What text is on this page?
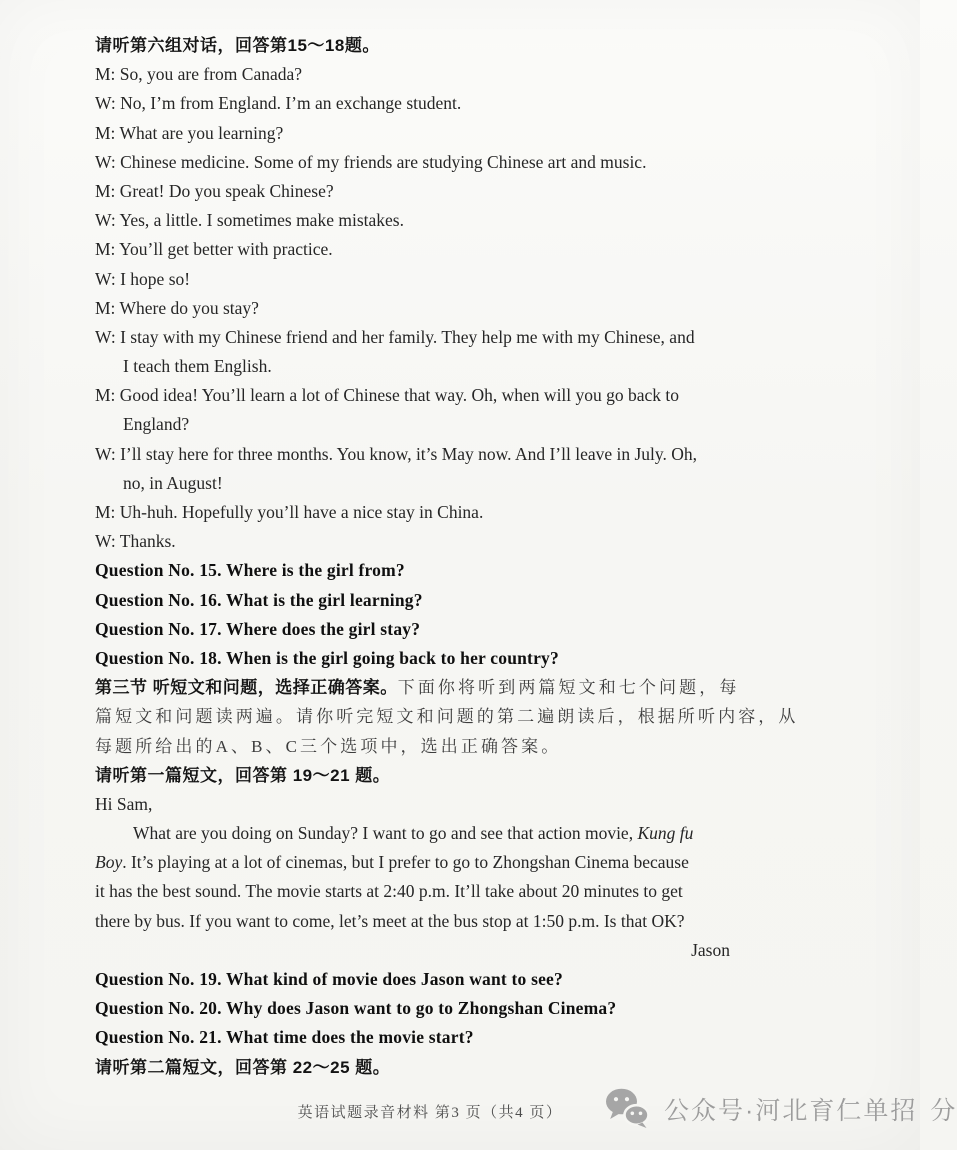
请听第六组对话，回答第15～18题。
M: So, you are from Canada?
W: No, I’m from England. I’m an exchange student.
M: What are you learning?
W: Chinese medicine. Some of my friends are studying Chinese art and music.
M: Great! Do you speak Chinese?
W: Yes, a little. I sometimes make mistakes.
M: You’ll get better with practice.
W: I hope so!
M: Where do you stay?
W: I stay with my Chinese friend and her family. They help me with my Chinese, and
I teach them English.
M: Good idea! You’ll learn a lot of Chinese that way. Oh, when will you go back to
England?
W: I’ll stay here for three months. You know, it’s May now. And I’ll leave in July. Oh,
no, in August!
M: Uh-huh. Hopefully you’ll have a nice stay in China.
W: Thanks.
Question No. 15. Where is the girl from?
Question No. 16. What is the girl learning?
Question No. 17. Where does the girl stay?
Question No. 18. When is the girl going back to her country?
第三节 听短文和问题，选择正确答案。下面你将听到两篇短文和七个问题，每
篇短文和问题读两遍。请你听完短文和问题的第二遍朗读后，根据所听内容，从
每题所给出的A、B、C三个选项中，选出正确答案。
请听第一篇短文，回答第 19～21 题。
Hi Sam,
What are you doing on Sunday? I want to go and see that action movie, Kung fu
Boy. It’s playing at a lot of cinemas, but I prefer to go to Zhongshan Cinema because
it has the best sound. The movie starts at 2:40 p.m. It’ll take about 20 minutes to get
there by bus. If you want to come, let’s meet at the bus stop at 1:50 p.m. Is that OK?
Jason
Question No. 19. What kind of movie does Jason want to see?
Question No. 20. Why does Jason want to go to Zhongshan Cinema?
Question No. 21. What time does the movie start?
请听第二篇短文，回答第 22～25 题。
英语试题录音材料 第3 页（共4 页）	公众号·河北育仁单招 分
